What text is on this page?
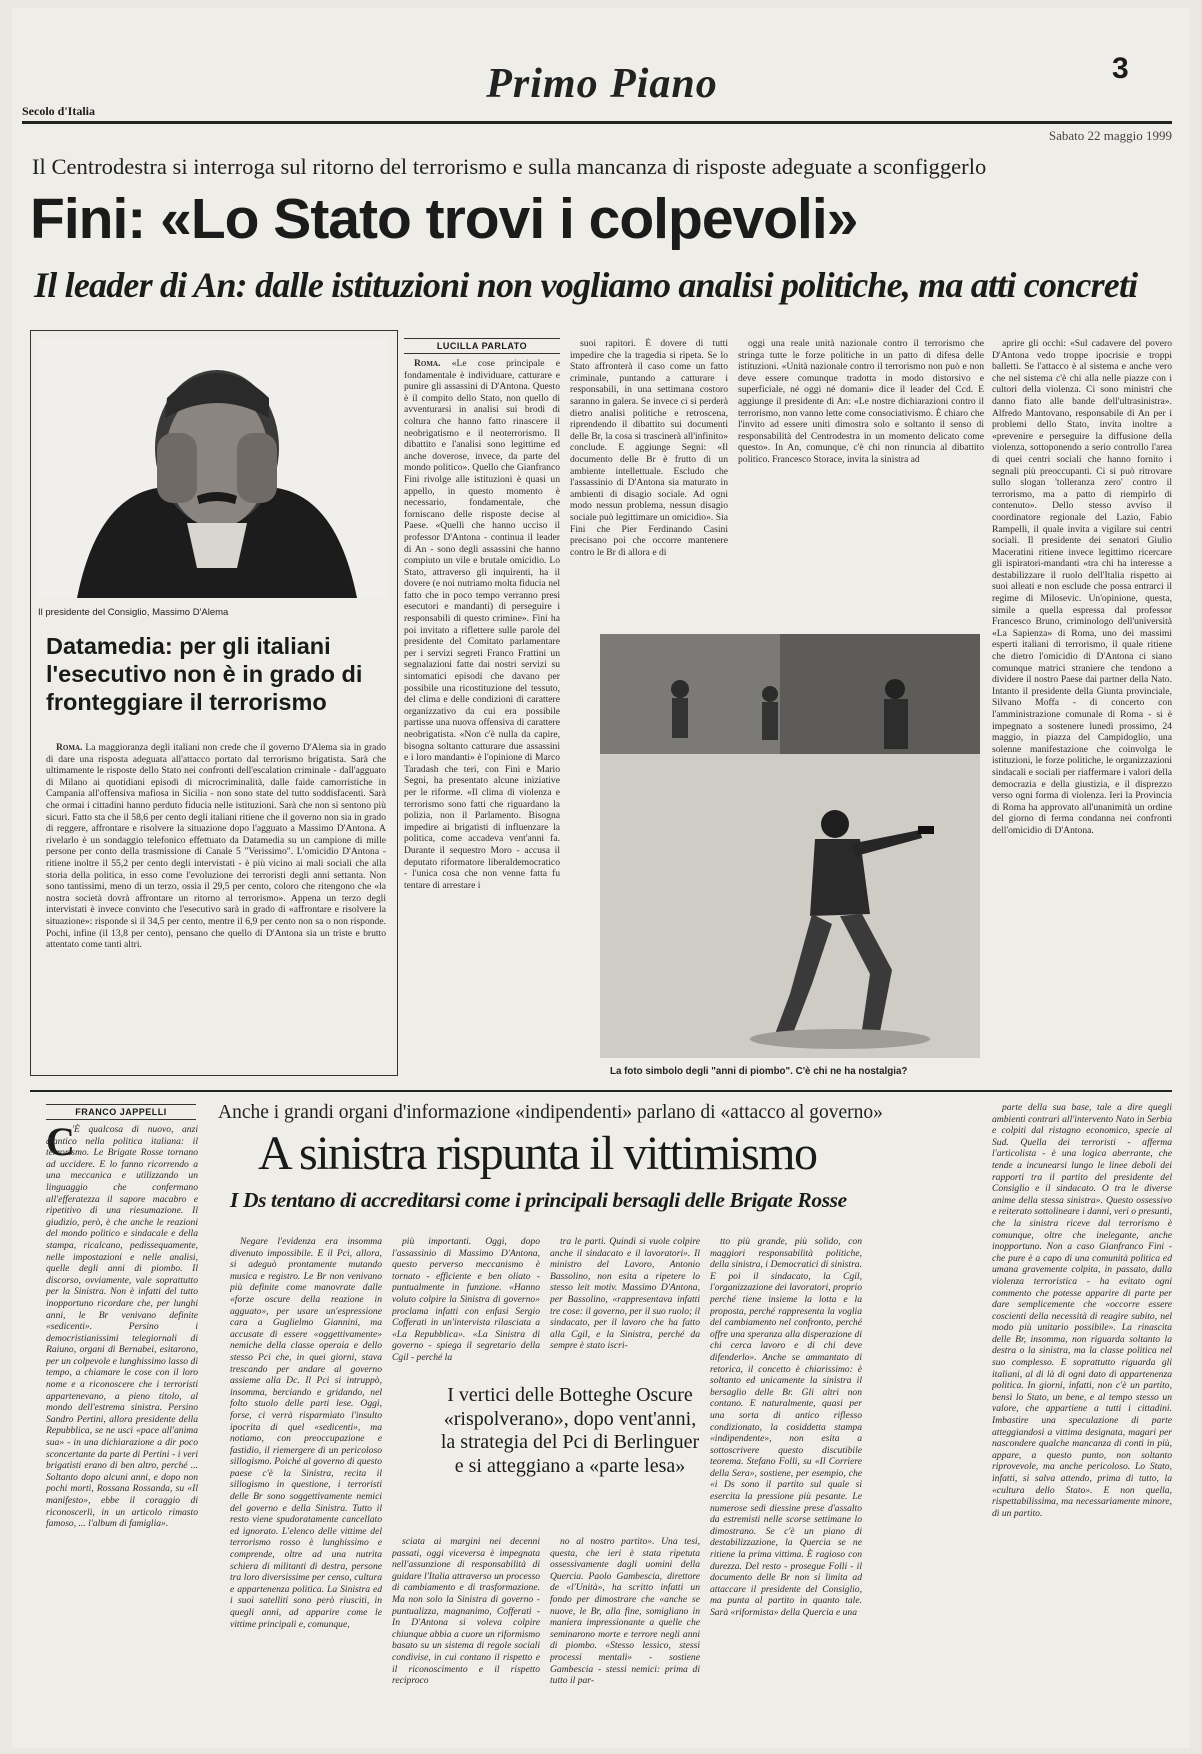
Secolo d'Italia
Primo Piano	3
Sabato 22 maggio 1999
Il Centrodestra si interroga sul ritorno del terrorismo e sulla mancanza di risposte adeguate a sconfiggerlo
Fini: «Lo Stato trovi i colpevoli»
Il leader di An: dalle istituzioni non vogliamo analisi politiche, ma atti concreti
Il presidente del Consiglio, Massimo D'Alema
Datamedia: per gli italiani l'esecutivo non è in grado di fronteggiare il terrorismo

Roma. La maggioranza degli italiani non crede che il governo D'Alema sia in grado di dare una risposta adeguata all'attacco portato dal terrorismo brigatista. Sarà che ultimamente le risposte dello Stato nei confronti dell'escalation criminale - dall'agguato di Milano ai quotidiani episodi di microcriminalità, dalle faide camorristiche in Campania all'offensiva mafiosa in Sicilia - non sono state del tutto soddisfacenti. Sarà che ormai i cittadini hanno perduto fiducia nelle istituzioni. Sarà che non si sentono più sicuri. Fatto sta che il 58,6 per cento degli italiani ritiene che il governo non sia in grado di reggere, affrontare e risolvere la situazione dopo l'agguato a Massimo D'Antona. A rivelarlo è un sondaggio telefonico effettuato da Datamedia su un campione di mille persone per conto della trasmissione di Canale 5 "Verissimo". L'omicidio D'Antona - ritiene inoltre il 55,2 per cento degli intervistati - è più vicino ai mali sociali che alla storia della politica, in esso come l'evoluzione dei terroristi degli anni settanta. Non sono tantissimi, meno di un terzo, ossia il 29,5 per cento, coloro che ritengono che «la nostra società dovrà affrontare un ritorno al terrorismo». Appena un terzo degli intervistati è invece convinto che l'esecutivo sarà in grado di «affrontare e risolvere la situazione»: risponde sì il 34,5 per cento, mentre il 6,9 per cento non sa o non risponde. Pochi, infine (il 13,8 per cento), pensano che quello di D'Antona sia un triste e brutto attentato come tanti altri.

LUCILLA PARLATO

Roma. «Le cose principale e fondamentale è individuare, catturare e punire gli assassini di D'Antona. Questo è il compito dello Stato, non quello di avventurarsi in analisi sui brodi di coltura che hanno fatto rinascere il neobrigatismo e il neoterrorismo. Il dibattito e l'analisi sono legittime ed anche doverose, invece, da parte del mondo politico». Quello che Gianfranco Fini rivolge alle istituzioni è quasi un appello, in questo momento è necessario, fondamentale, che forniscano delle risposte decise al Paese. «Quelli che hanno ucciso il professor D'Antona - continua il leader di An - sono degli assassini che hanno compiuto un vile e brutale omicidio. Lo Stato, attraverso gli inquirenti, ha il dovere (e noi nutriamo molta fiducia nel fatto che in poco tempo verranno presi esecutori e mandanti) di perseguire i responsabili di questo crimine». Fini ha poi invitato a riflettere sulle parole del presidente del Comitato parlamentare per i servizi segreti Franco Frattini un segnalazioni fatte dai nostri servizi su sintomatici episodi che davano per possibile una ricostituzione del tessuto, del clima e delle condizioni di carattere organizzativo da cui era possibile partisse una nuova offensiva di carattere neobrigatista. «Non c'è nulla da capire, bisogna soltanto catturare due assassini e i loro mandanti» è l'opinione di Marco Taradash che teri, con Fini e Mario Segni, ha presentato alcune iniziative per le riforme. «Il clima di violenza e terrorismo sono fatti che riguardano la polizia, non il Parlamento. Bisogna impedire ai brigatisti di influenzare la politica, come accadeva vent'anni fa. Durante il sequestro Moro - accusa il deputato riformatore liberaldemocratico - l'unica cosa che non venne fatta fu tentare di arrestare i

suoi rapitori. È dovere di tutti impedire che la tragedia si ripeta. Se lo Stato affronterà il caso come un fatto criminale, puntando a catturare i responsabili, in una settimana costoro saranno in galera. Se invece ci si perderà dietro analisi politiche e retroscena, riprendendo il dibattito sui documenti delle Br, la cosa si trascinerà all'infinito» conclude. E aggiunge Segni: «Il documento delle Br è frutto di un ambiente intellettuale. Escludo che l'assassinio di D'Antona sia maturato in ambienti di disagio sociale. Ad ogni modo nessun problema, nessun disagio sociale può legittimare un omicidio». Sia Fini che Pier Ferdinando Casini precisano poi che occorre mantenere contro le Br di allora e di

oggi una reale unità nazionale contro il terrorismo che stringa tutte le forze politiche in un patto di difesa delle istituzioni. «Unità nazionale contro il terrorismo non può e non deve essere comunque tradotta in modo distorsivo e superficiale, né oggi né domani» dice il leader del Ccd. E aggiunge il presidente di An: «Le nostre dichiarazioni contro il terrorismo, non vanno lette come consociativismo. È chiaro che l'invito ad essere uniti dimostra solo e soltanto il senso di responsabilità del Centrodestra in un momento delicato come questo». In An, comunque, c'è chi non rinuncia al dibattito politico. Francesco Storace, invita la sinistra ad

aprire gli occhi: «Sul cadavere del povero D'Antona vedo troppe ipocrisie e troppi balletti. Se l'attacco è al sistema e anche vero che nel sistema c'è chi alla nelle piazze con i cultori della violenza. Ci sono ministri che danno fiato alle bande dell'ultrasinistra». Alfredo Mantovano, responsabile di An per i problemi dello Stato, invita inoltre a «prevenire e perseguire la diffusione della violenza, sottoponendo a serio controllo l'area di quei centri sociali che hanno fornito i segnali più preoccupanti. Ci si può ritrovare sullo slogan 'tolleranza zero' contro il terrorismo, ma a patto di riempirlo di contenuto». Dello stesso avviso il coordinatore regionale del Lazio, Fabio Rampelli, il quale invita a vigilare sui centri sociali. Il presidente dei senatori Giulio Maceratini ritiene invece legittimo ricercare gli ispiratori-mandanti «tra chi ha interesse a destabilizzare il ruolo dell'Italia rispetto ai suoi alleati e non esclude che possa entrarci il regime di Milosevic. Un'opinione, questa, simile a quella espressa dal professor Francesco Bruno, criminologo dell'università «La Sapienza» di Roma, uno dei massimi esperti italiani di terrorismo, il quale ritiene che dietro l'omicidio di D'Antona ci siano comunque matrici straniere che tendono a dividere il nostro Paese dai partner della Nato. Intanto il presidente della Giunta provinciale, Silvano Moffa - di concerto con l'amministrazione comunale di Roma - si è impegnato a sostenere lunedì prossimo, 24 maggio, in piazza del Campidoglio, una solenne manifestazione che coinvolga le istituzioni, le forze politiche, le organizzazioni sindacali e sociali per riaffermare i valori della democrazia e della giustizia, e il disprezzo verso ogni forma di violenza. Ieri la Provincia di Roma ha approvato all'unanimità un ordine del giorno di ferma condanna nei confronti dell'omicidio di D'Antona.

La foto simbolo degli "anni di piombo". C'è chi ne ha nostalgia?
FRANCO JAPPELLI	Anche i grandi organi d'informazione «indipendenti» parlano di «attacco al governo»
A sinistra rispunta il vittimismo
I Ds tentano di accreditarsi come i principali bersagli delle Brigate Rosse
C

'È qualcosa di nuovo, anzi d'antico nella politica italiana: il terrorismo. Le Brigate Rosse tornano ad uccidere. E lo fanno ricorrendo a una meccanica e utilizzando un linguaggio che confermano all'efferatezza il sapore macabro e ripetitivo di una riesumazione. Il giudizio, però, è che anche le reazioni del mondo politico e sindacale e della stampa, ricalcano, pedissequamente, nelle impostazioni e nelle analisi, quelle degli anni di piombo. Il discorso, ovviamente, vale soprattutto per la Sinistra. Non è infatti del tutto inopportuno ricordare che, per lunghi anni, le Br venivano definite «sedicenti». Persino i democristianissimi telegiornali di Raiuno, organi di Bernabei, esitarono, per un colpevole e lunghissimo lasso di tempo, a chiamare le cose con il loro nome e a riconoscere che i terroristi appartenevano, a pieno titolo, al mondo dell'estrema sinistra. Persino Sandro Pertini, allora presidente della Repubblica, se ne uscì «pace all'anima sua» - in una dichiarazione a dir poco sconcertante da parte di Pertini - i veri brigatisti erano di ben altro, perché ... Soltanto dopo alcuni anni, e dopo non pochi morti, Rossana Rossanda, su «Il manifesto», ebbe il coraggio di riconoscerli, in un articolo rimasto famoso, ... l'album di famiglia».

Negare l'evidenza era insomma divenuto impossibile. E il Pci, allora, si adeguò prontamente mutando musica e registro. Le Br non venivano più definite come manovrate dalle «forze oscure della reazione in agguato», per usare un'espressione cara a Guglielmo Giannini, ma accusate di essere «oggettivamente» nemiche della classe operaia e dello stesso Pci che, in quei giorni, stava trescando per andare al governo assieme alla Dc. Il Pci si intruppò, insomma, berciando e gridando, nel folto stuolo delle parti lese. Oggi, forse, ci verrà risparmiato l'insulto ipocrita di quel «sedicenti», ma notiamo, con preoccupazione e fastidio, il riemergere di un pericoloso sillogismo. Poiché al governo di questo paese c'è la Sinistra, recita il sillogismo in questione, i terroristi delle Br sono soggettivamente nemici del governo e della Sinistra. Tutto il resto viene spudoratamente cancellato ed ignorato. L'elenco delle vittime del terrorismo rosso è lunghissimo e comprende, oltre ad una nutrita schiera di militanti di destra, persone tra loro diversissime per censo, cultura e appartenenza politica. La Sinistra ed i suoi satelliti sono però riusciti, in quegli anni, ad apparire come le vittime principali e, comunque,

più importanti. Oggi, dopo l'assassinio di Massimo D'Antona, questo perverso meccanismo è tornato - efficiente e ben oliato - puntualmente in funzione. «Hanno voluto colpire la Sinistra di governo» proclama infatti con enfasi Sergio Cofferati in un'intervista rilasciata a «La Repubblica». «La Sinistra di governo - spiega il segretario della Cgil - perché la

tra le parti. Quindi si vuole colpire anche il sindacato e il lavoratori». Il ministro del Lavoro, Antonio Bassolino, non esita a ripetere lo stesso leit motiv. Massimo D'Antona, per Bassolino, «rappresentava infatti tre cose: il governo, per il suo ruolo; il sindacato, per il lavoro che ha fatto alla Cgil, e la Sinistra, perché da sempre è stato iscri-

tto più grande, più solido, con maggiori responsabilità politiche, della sinistra, i Democratici di sinistra. E poi il sindacato, la Cgil, l'organizzazione dei lavoratori, proprio perché tiene insieme la lotta e la proposta, perché rappresenta la voglia del cambiamento nel confronto, perché offre una speranza alla disperazione di chi cerca lavoro e di chi deve difenderlo». Anche se ammantato di retorica, il concetto è chiarissimo: è soltanto ed unicamente la sinistra il bersaglio delle Br. Gli altri non contano. E naturalmente, quasi per una sorta di antico riflesso condizionato, la cosiddetta stampa «indipendente», non esita a sottoscrivere questo discutibile teorema. Stefano Folli, su «Il Corriere della Sera», sostiene, per esempio, che «i Ds sono il partito sul quale si esercita la pressione più pesante. Le numerose sedi diessine prese d'assalto da estremisti nelle scorse settimane lo dimostrano. Se c'è un piano di destabilizzazione, la Quercia se ne ritiene la prima vittima. È ragioso con durezza. Del resto - prosegue Folli - il documento delle Br non si limita ad attaccare il presidente del Consiglio, ma punta al partito in quanto tale. Sarà «riformista» della Quercia e una

parte della sua base, tale a dire quegli ambienti contrari all'intervento Nato in Serbia e colpiti dal ristagno economico, specie al Sud. Quella dei terroristi - afferma l'articolista - è una logica aberrante, che tende a incunearsi lungo le linee deboli dei rapporti tra il partito del presidente del Consiglio e il sindacato. O tra le diverse anime della stessa sinistra». Questo ossessivo e reiterato sottolineare i danni, veri o presunti, che la sinistra riceve dal terrorismo è comunque, oltre che inelegante, anche inopportuno. Non a caso Gianfranco Fini - che pure è a capo di una comunità politica ed umana gravemente colpita, in passato, dalla violenza terroristica - ha evitato ogni commento che potesse apparire di parte per dare semplicemente che «occorre essere coscienti della necessità di reagire subito, nel modo più unitario possibile». La rinascita delle Br, insomma, non riguarda soltanto la destra o la sinistra, ma la classe politica nel suo complesso. E soprattutto riguarda gli italiani, al di là di ogni dato di appartenenza politica. In giorni, infatti, non c'è un partito, bensì lo Stato, un bene, e al tempo stesso un valore, che appartiene a tutti i cittadini. Imbastire una speculazione di parte atteggiandosi a vittima designata, magari per nascondere qualche mancanza di conti in più, appare, a questo punto, non soltanto riprovevole, ma anche pericoloso. Lo Stato, infatti, si salva attendo, prima di tutto, la «cultura dello Stato». E non quella, rispettabilissima, ma necessariamente minore, di un partito.

I vertici delle Botteghe Oscure «rispolverano», dopo vent'anni, la strategia del Pci di Berlinguer e si atteggiano a «parte lesa»

sciata ai margini nei decenni passati, oggi viceversa è impegnata nell'assunzione di responsabilità di guidare l'Italia attraverso un processo di cambiamento e di trasformazione. Ma non solo la Sinistra di governo - puntualizza, magnanimo, Cofferati - In D'Antona si voleva colpire chiunque abbia a cuore un riformismo basato su un sistema di regole sociali condivise, in cui contano il rispetto e il riconoscimento e il rispetto reciproco

no al nostro partito». Una tesi, questa, che ieri è stata ripetuta ossessivamente dagli uomini della Quercia. Paolo Gambescia, direttore de «l'Unità», ha scritto infatti un fondo per dimostrare che «anche se nuove, le Br, alla fine, somigliano in maniera impressionante a quelle che seminarono morte e terrore negli anni di piombo. «Stesso lessico, stessi processi mentali» - sostiene Gambescia - stessi nemici: prima di tutto il par-
